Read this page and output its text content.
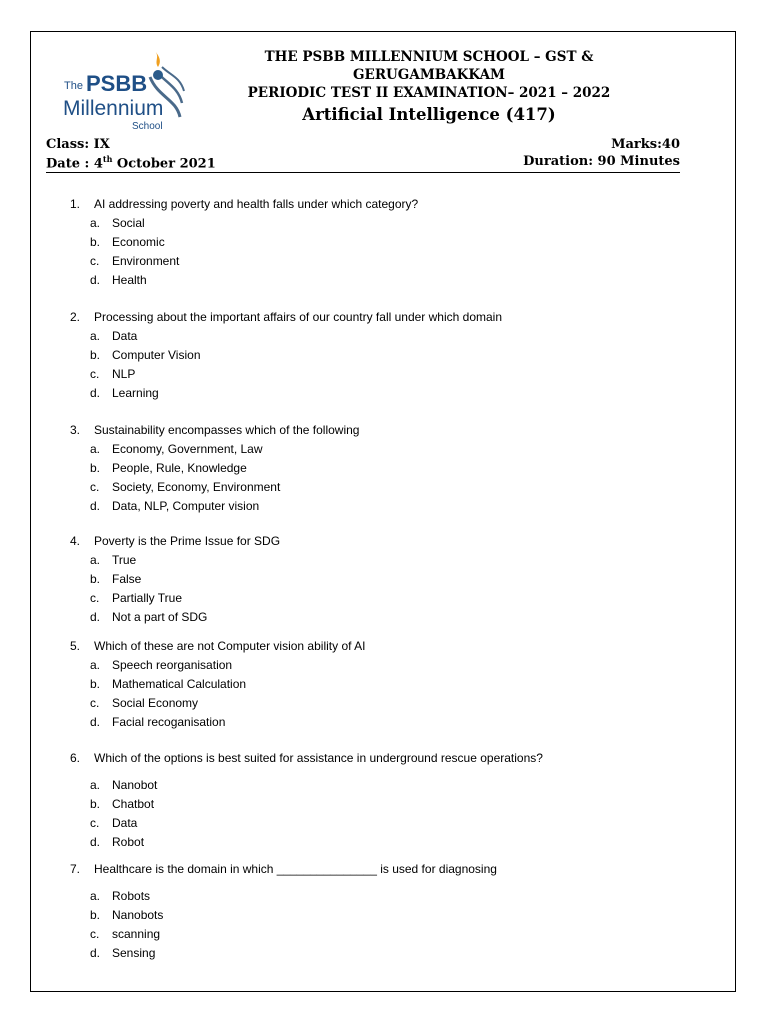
The PSBB
Millennium
School
THE PSBB MILLENNIUM SCHOOL – GST & GERUGAMBAKKAM
PERIODIC TEST II EXAMINATION– 2021 – 2022
Artificial Intelligence (417)
Class: IX	Marks:40
Date : 4th October 2021	Duration: 90 Minutes
1.	AI addressing poverty and health falls under which category?
a. Social
b. Economic
c.	Environment
d. Health
2.	Processing about the important affairs of our country fall under which domain
a. Data
b. Computer Vision
c.	NLP
d. Learning
3.	Sustainability encompasses which of the following
a. Economy, Government, Law
b. People, Rule, Knowledge
c.	Society, Economy, Environment
d. Data, NLP, Computer vision
4.	Poverty is the Prime Issue for SDG
a. True
b. False
c.	Partially True
d. Not a part of SDG
5.	Which of these are not Computer vision ability of AI
a. Speech reorganisation
b. Mathematical Calculation
c.	Social Economy
d. Facial recoganisation
6.	Which of the options is best suited for assistance in underground rescue operations?
a. Nanobot
b. Chatbot
c.	Data
d. Robot
7.	Healthcare is the domain in which _______________ is used for diagnosing
a. Robots
b. Nanobots
c.	scanning
d. Sensing
